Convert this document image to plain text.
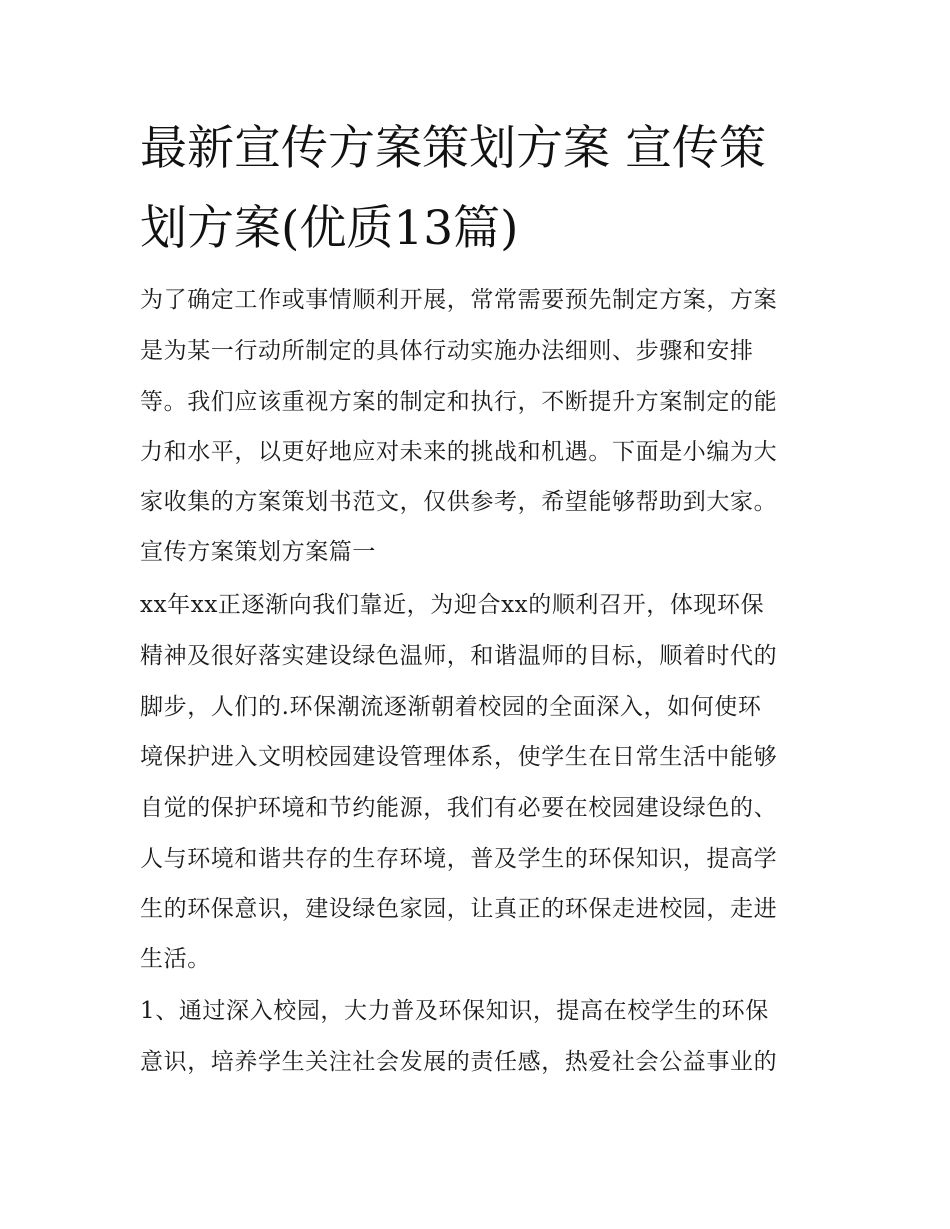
最新宣传方案策划方案 宣传策
划方案(优质13篇)
为了确定工作或事情顺利开展，常常需要预先制定方案，方案
是为某一行动所制定的具体行动实施办法细则、步骤和安排
等。我们应该重视方案的制定和执行，不断提升方案制定的能
力和水平，以更好地应对未来的挑战和机遇。下面是小编为大
家收集的方案策划书范文，仅供参考，希望能够帮助到大家。
宣传方案策划方案篇一
xx年xx正逐渐向我们靠近，为迎合xx的顺利召开，体现环保
精神及很好落实建设绿色温师，和谐温师的目标，顺着时代的
脚步，人们的.环保潮流逐渐朝着校园的全面深入，如何使环
境保护进入文明校园建设管理体系，使学生在日常生活中能够
自觉的保护环境和节约能源，我们有必要在校园建设绿色的、
人与环境和谐共存的生存环境，普及学生的环保知识，提高学
生的环保意识，建设绿色家园，让真正的环保走进校园，走进
生活。
1、通过深入校园，大力普及环保知识，提高在校学生的环保
意识，培养学生关注社会发展的责任感，热爱社会公益事业的
